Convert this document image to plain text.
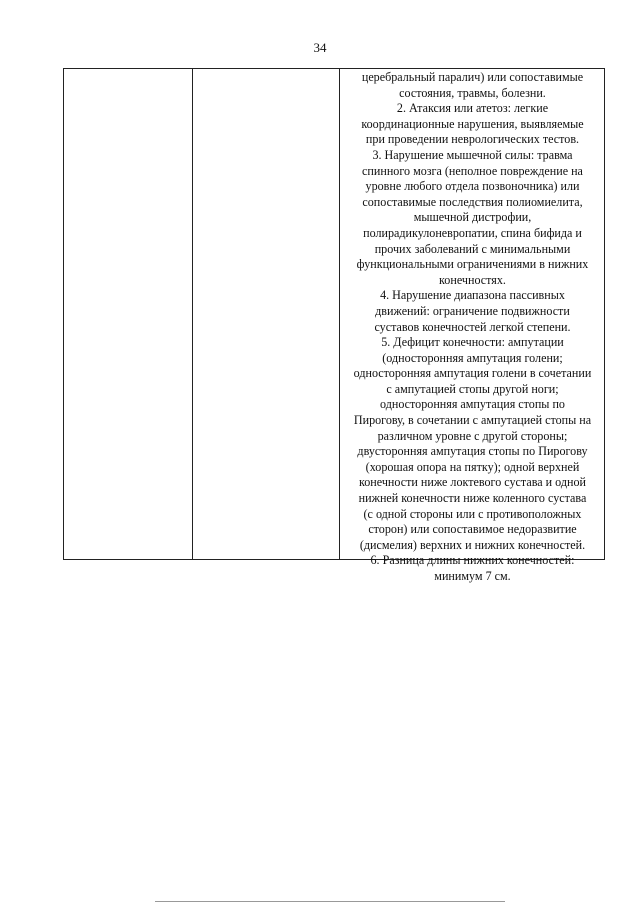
34
церебральный паралич) или сопоставимые
состояния, травмы, болезни.
2. Атаксия или атетоз: легкие
координационные нарушения, выявляемые
при проведении неврологических тестов.
3. Нарушение мышечной силы: травма
спинного мозга (неполное повреждение на
уровне любого отдела позвоночника) или
сопоставимые последствия полиомиелита,
мышечной дистрофии,
полирадикулоневропатии, спина бифида и
прочих заболеваний с минимальными
функциональными ограничениями в нижних
конечностях.
4. Нарушение диапазона пассивных
движений: ограничение подвижности
суставов конечностей легкой степени.
5. Дефицит конечности: ампутации
(односторонняя ампутация голени;
односторонняя ампутация голени в сочетании
с ампутацией стопы другой ноги;
односторонняя ампутация стопы по
Пирогову, в сочетании с ампутацией стопы на
различном уровне с другой стороны;
двусторонняя ампутация стопы по Пирогову
(хорошая опора на пятку); одной верхней
конечности ниже локтевого сустава и одной
нижней конечности ниже коленного сустава
(с одной стороны или с противоположных
сторон) или сопоставимое недоразвитие
(дисмелия) верхних и нижних конечностей.
6. Разница длины нижних конечностей:
минимум 7 см.
